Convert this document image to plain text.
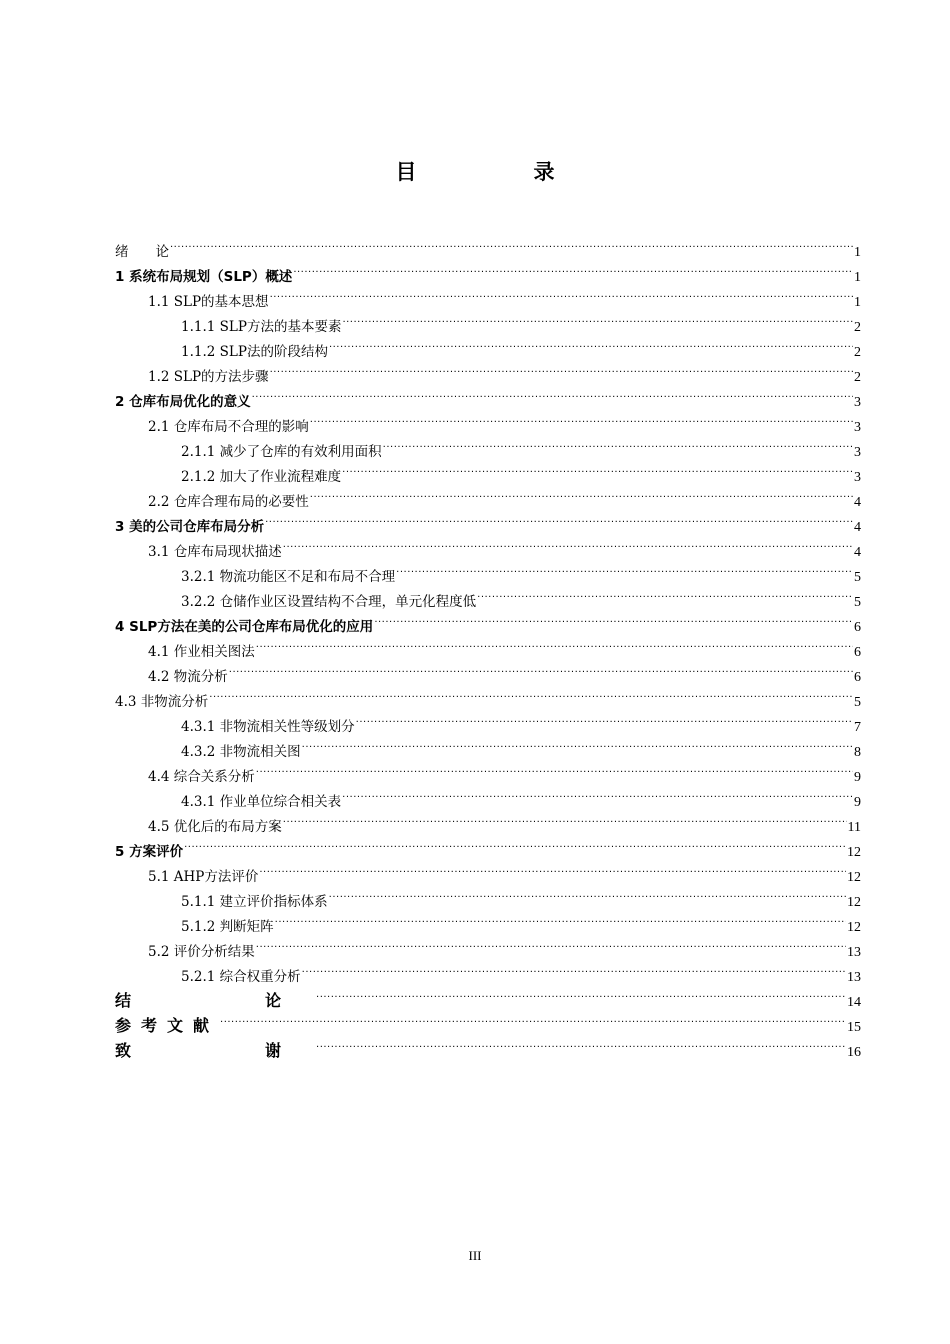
目　录
绪　　论 .....	1
1 系统布局规划（SLP）概述 .....	1
1.1 SLP的基本思想 .....	1
1.1.1 SLP方法的基本要素 .....	2
1.1.2 SLP法的阶段结构 .....	2
1.2 SLP的方法步骤 .....	2
2 仓库布局优化的意义 .....	3
2.1 仓库布局不合理的影响 .....	3
2.1.1 减少了仓库的有效利用面积 .....	3
2.1.2 加大了作业流程难度 .....	3
2.2 仓库合理布局的必要性 .....	4
3 美的公司仓库布局分析 .....	4
3.1 仓库布局现状描述 .....	4
3.2.1 物流功能区不足和布局不合理 .....	5
3.2.2 仓储作业区设置结构不合理，单元化程度低 .....	5
4 SLP方法在美的公司仓库布局优化的应用 .....	6
4.1 作业相关图法 .....	6
4.2 物流分析 .....	6
4.3 非物流分析 .....	5
4.3.1 非物流相关性等级划分 .....	7
4.3.2 非物流相关图 .....	8
4.4 综合关系分析 .....	9
4.3.1 作业单位综合相关表 .....	9
4.5 优化后的布局方案 .....	11
5 方案评价 .....	12
5.1 AHP方法评价 .....	12
5.1.1 建立评价指标体系 .....	12
5.1.2 判断矩阵 .....	12
5.2 评价分析结果 .....	13
5.2.1 综合权重分析 .....	13
结　　论 .....	14
参考文献 .....	15
致　　谢 .....	16
III
